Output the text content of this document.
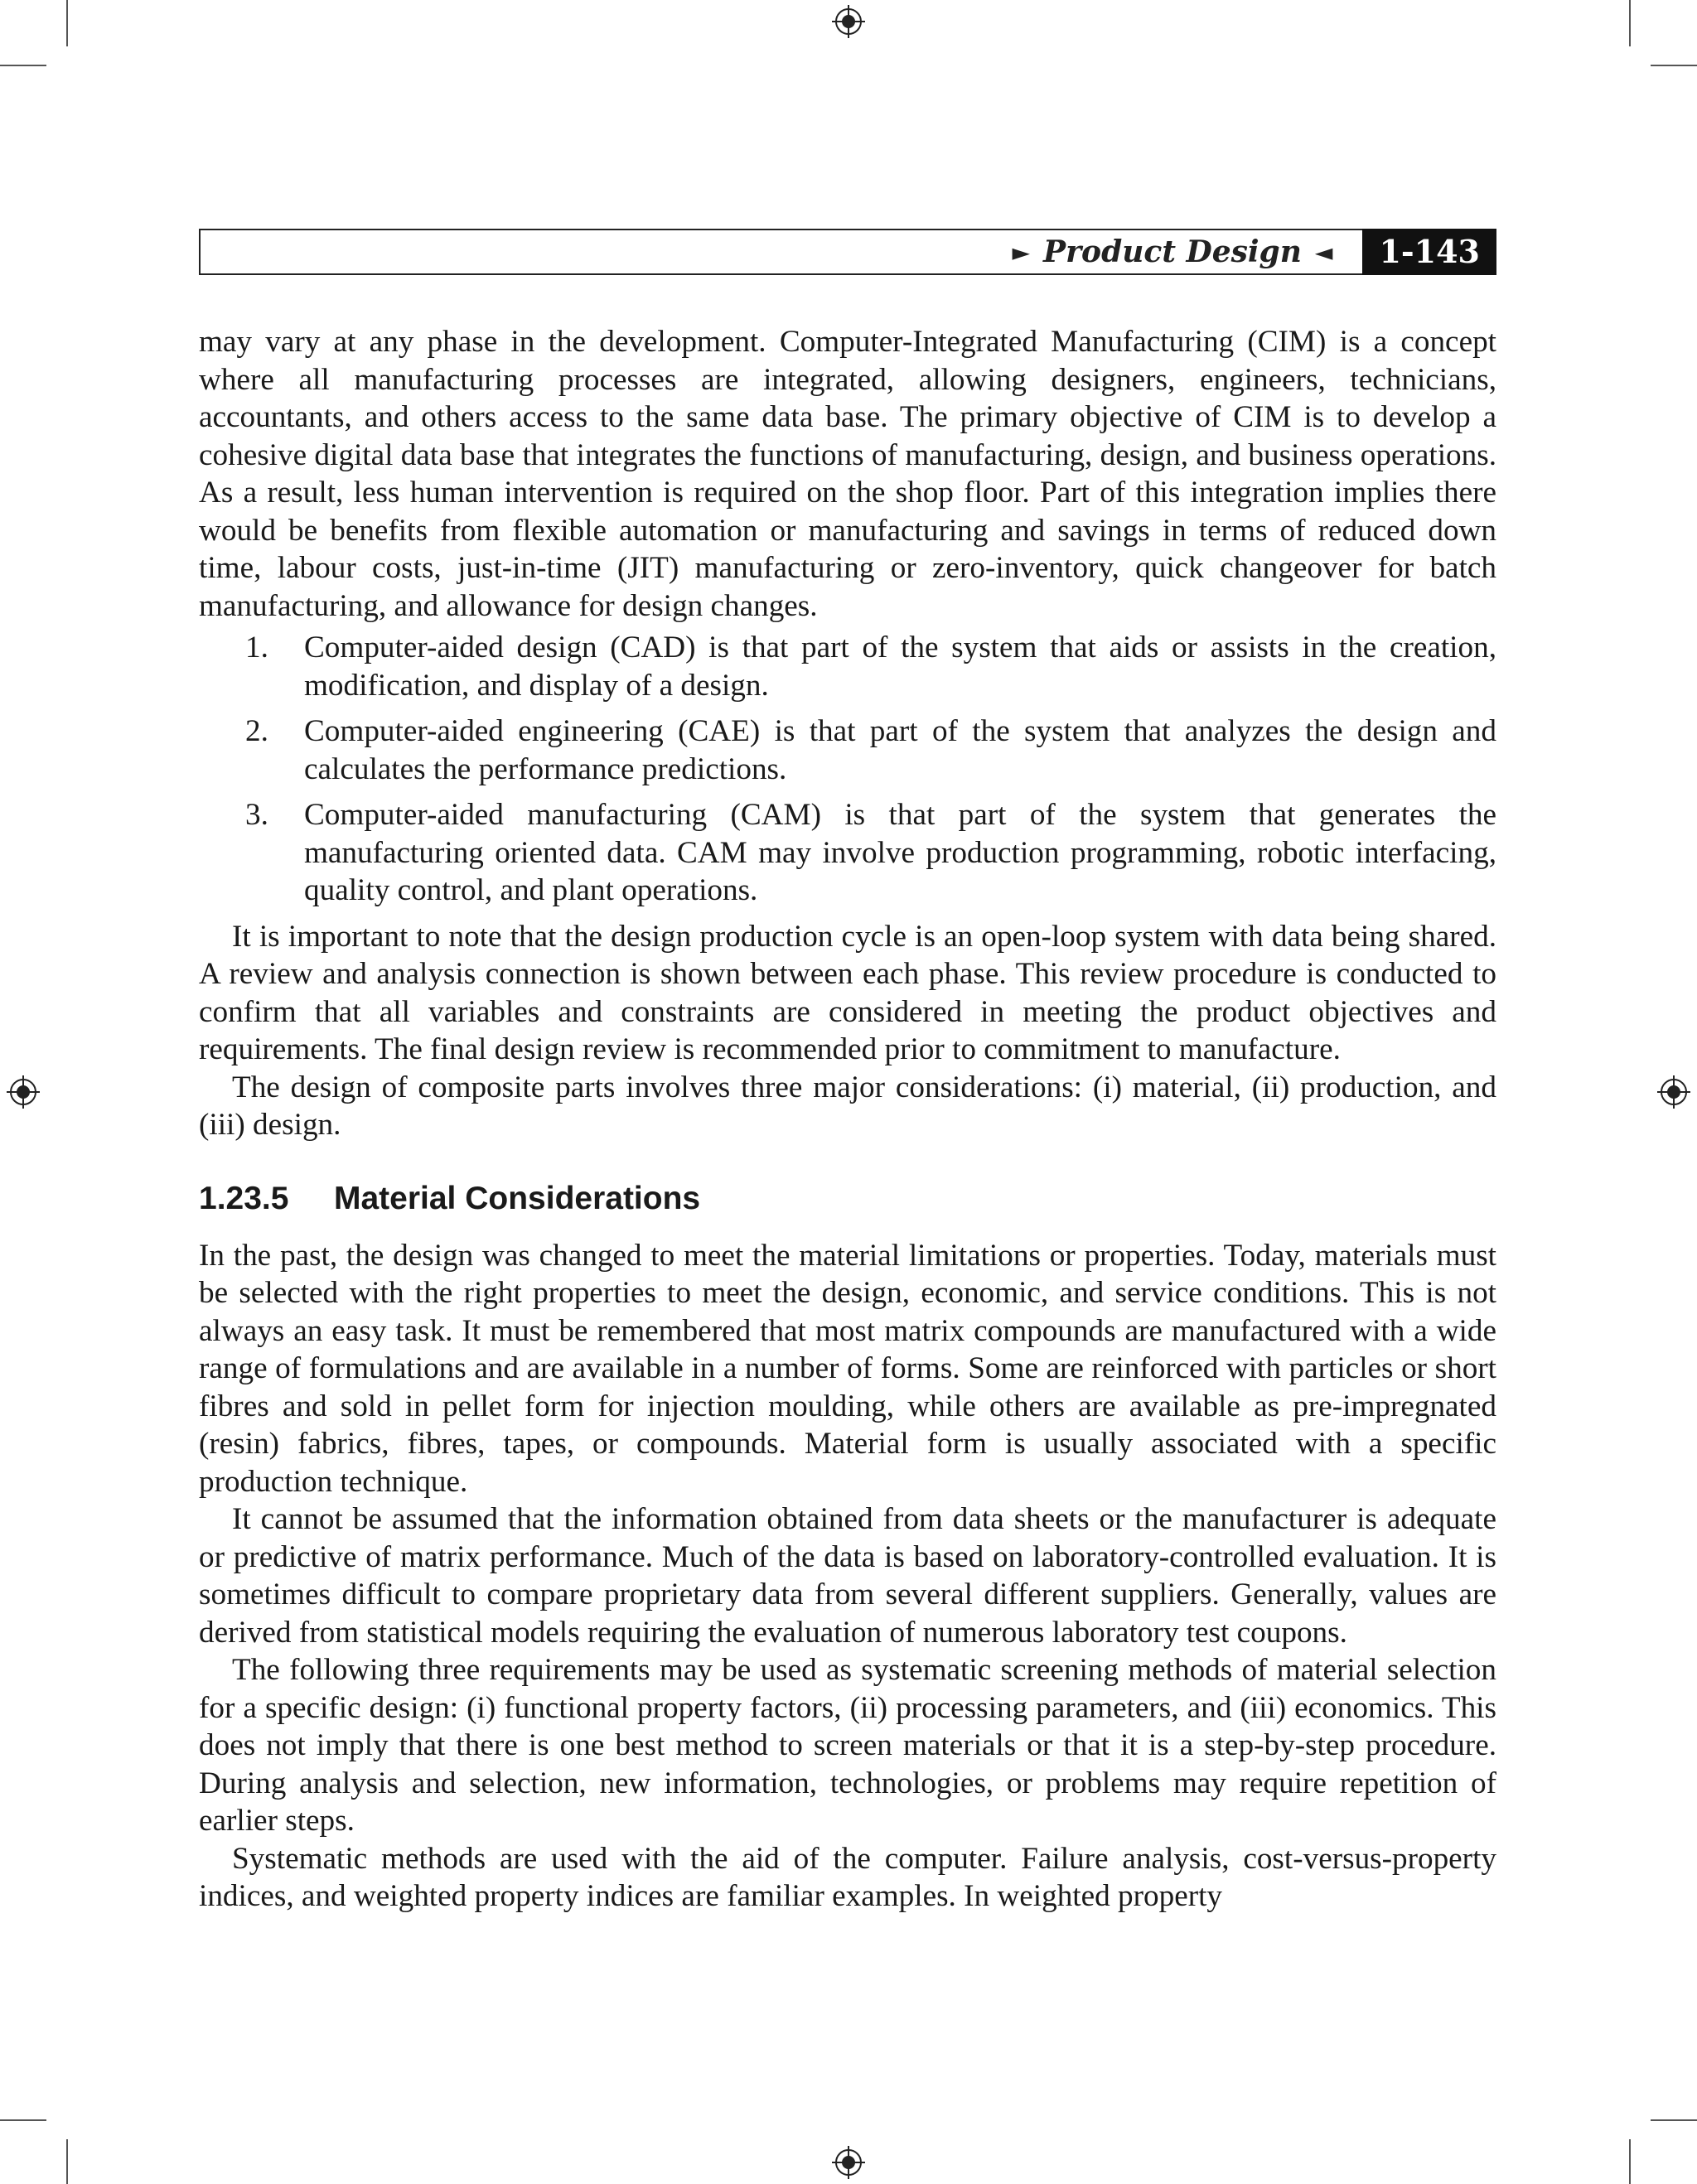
► Product Design ◄	1-143

may vary at any phase in the development. Computer-Integrated Manufacturing (CIM) is a concept where all manufacturing processes are integrated, allowing designers, engineers, technicians, accountants, and others access to the same data base. The primary objective of CIM is to develop a cohesive digital data base that integrates the functions of manufacturing, design, and business operations. As a result, less human intervention is required on the shop floor. Part of this integration implies there would be benefits from flexible automation or manufacturing and savings in terms of reduced down time, labour costs, just-in-time (JIT) manufacturing or zero-inventory, quick changeover for batch manufacturing, and allowance for design changes.

1. Computer-aided design (CAD) is that part of the system that aids or assists in the creation, modification, and display of a design.
2. Computer-aided engineering (CAE) is that part of the system that analyzes the design and calculates the performance predictions.
3. Computer-aided manufacturing (CAM) is that part of the system that generates the manufacturing oriented data. CAM may involve production programming, robotic interfacing, quality control, and plant operations.

It is important to note that the design production cycle is an open-loop system with data being shared. A review and analysis connection is shown between each phase. This review procedure is conducted to confirm that all variables and constraints are considered in meeting the product objectives and requirements. The final design review is recommended prior to commitment to manufacture.

The design of composite parts involves three major considerations: (i) material, (ii) production, and (iii) design.

1.23.5 Material Considerations

In the past, the design was changed to meet the material limitations or properties. Today, materials must be selected with the right properties to meet the design, economic, and service conditions. This is not always an easy task. It must be remembered that most matrix compounds are manufactured with a wide range of formulations and are available in a number of forms. Some are reinforced with particles or short fibres and sold in pellet form for injection moulding, while others are available as pre-impregnated (resin) fabrics, fibres, tapes, or compounds. Material form is usually associated with a specific production technique.

It cannot be assumed that the information obtained from data sheets or the manufacturer is adequate or predictive of matrix performance. Much of the data is based on laboratory-controlled evaluation. It is sometimes difficult to compare proprietary data from several different suppliers. Generally, values are derived from statistical models requiring the evaluation of numerous laboratory test coupons.

The following three requirements may be used as systematic screening methods of material selection for a specific design: (i) functional property factors, (ii) processing parameters, and (iii) economics. This does not imply that there is one best method to screen materials or that it is a step-by-step procedure. During analysis and selection, new information, technologies, or problems may require repetition of earlier steps.

Systematic methods are used with the aid of the computer. Failure analysis, cost-versus-property indices, and weighted property indices are familiar examples. In weighted property
